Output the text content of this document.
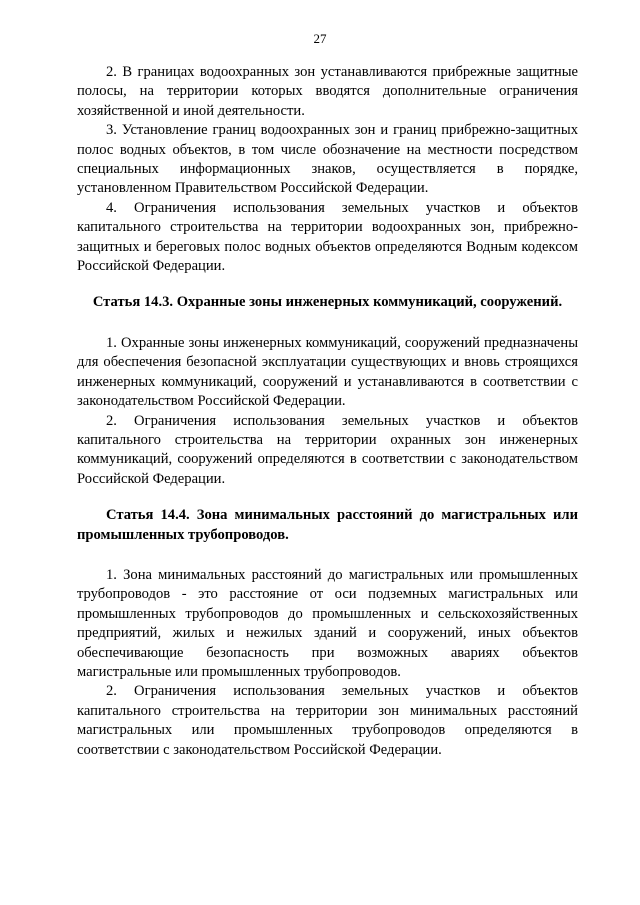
27

2. В границах водоохранных зон устанавливаются прибрежные защитные полосы, на территории которых вводятся дополнительные ограничения хозяйственной и иной деятельности.

3. Установление границ водоохранных зон и границ прибрежно-защитных полос водных объектов, в том числе обозначение на местности посредством специальных информационных знаков, осуществляется в порядке, установленном Правительством Российской Федерации.

4. Ограничения использования земельных участков и объектов капитального строительства на территории водоохранных зон, прибрежно-защитных и береговых полос водных объектов определяются Водным кодексом Российской Федерации.

Статья 14.3. Охранные зоны инженерных коммуникаций, сооружений.

1. Охранные зоны инженерных коммуникаций, сооружений предназначены для обеспечения безопасной эксплуатации существующих и вновь строящихся инженерных коммуникаций, сооружений и устанавливаются в соответствии с законодательством Российской Федерации.

2. Ограничения использования земельных участков и объектов капитального строительства на территории охранных зон инженерных коммуникаций, сооружений определяются в соответствии с законодательством Российской Федерации.

Статья 14.4. Зона минимальных расстояний до магистральных или промышленных трубопроводов.

1. Зона минимальных расстояний до магистральных или промышленных трубопроводов - это расстояние от оси подземных магистральных или промышленных трубопроводов до промышленных и сельскохозяйственных предприятий, жилых и нежилых зданий и сооружений, иных объектов обеспечивающие безопасность при возможных авариях объектов магистральные или промышленных трубопроводов.

2. Ограничения использования земельных участков и объектов капитального строительства на территории зон минимальных расстояний магистральных или промышленных трубопроводов определяются в соответствии с законодательством Российской Федерации.
